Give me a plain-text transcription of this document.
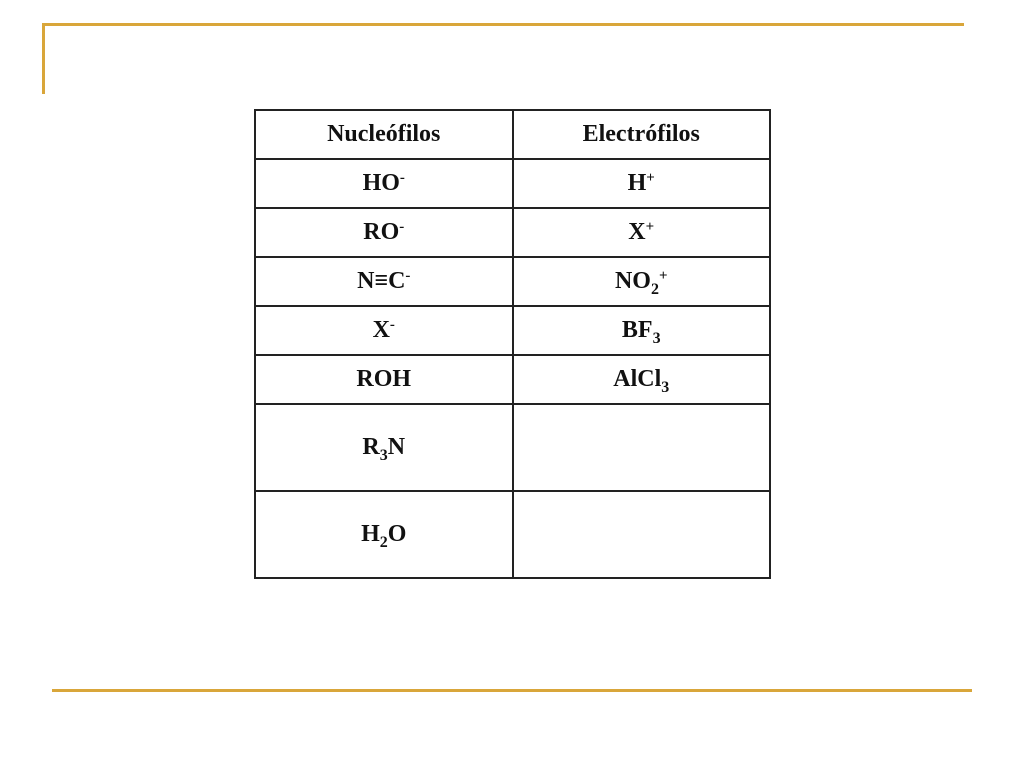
Nucleófilos	Electrófilos
HO-	H+
RO-	X+
N≡C-	$NO_2^+$
X-	$BF_3$
ROH	AlCl$_3$
$R_3N$	
$H_2O$	
